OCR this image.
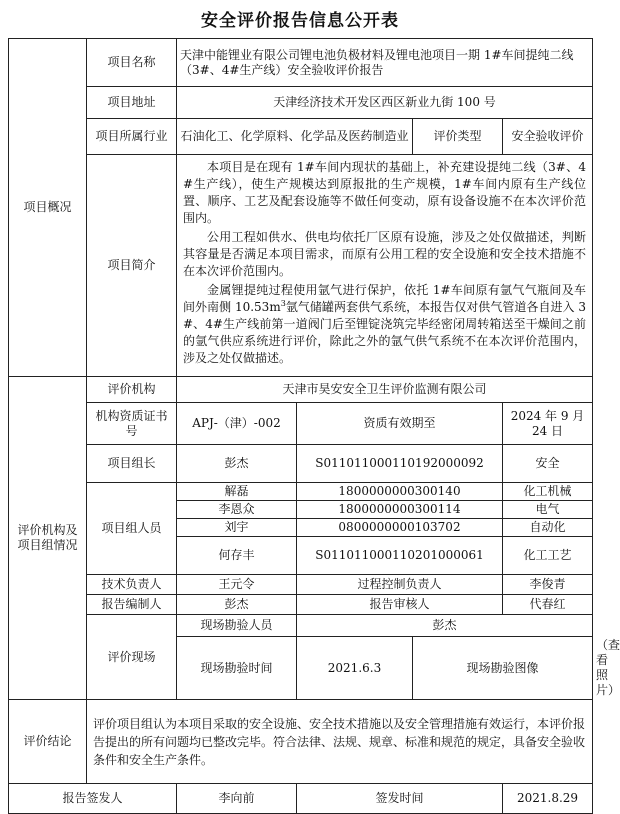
安全评价报告信息公开表
项目概况	项目名称	天津中能锂业有限公司锂电池负极材料及锂电池项目一期 1#车间提纯二线（3#、4#生产线）安全验收评价报告				
	项目地址	天津经济技术开发区西区新业九街 100 号				
	项目所属行业	石油化工、化学原料、化学品及医药制造业		评价类型	安全验收评价	
	项目简介	本项目是在现有 1#车间内现状的基础上，补充建设提纯二线（3#、4#生产线），使生产规模达到原报批的生产规模，1#车间内原有生产线位置、顺序、工艺及配套设施等不做任何变动，原有设备设施不在本次评价范围内。

公用工程如供水、供电均依托厂区原有设施，涉及之处仅做描述，判断其容量是否满足本项目需求，而原有公用工程的安全设施和安全技术措施不在本次评价范围内。

金属锂提纯过程使用氩气进行保护，依托 1#车间原有氩气气瓶间及车间外南侧 $10.53m^3$氩气储罐两套供气系统，本报告仅对供气管道各自进入 3#、4#生产线前第一道阀门后至锂锭浇筑完毕经密闭周转箱送至干燥间之前的氩气供应系统进行评价，除此之外的氩气供气系统不在本次评价范围内，涉及之处仅做描述。				

评价机构及项目组情况	评价机构	天津市昊安安全卫生评价监测有限公司				
	机构资质证书号	APJ-（津）-002	资质有效期至		2024 年 9 月 24 日	
	项目组长	彭杰	S011011000110192000092		安全	
	项目组人员	解磊	1800000000300140		化工机械	
		李恩众	1800000000300114		电气	
		刘宇	0800000000103702		自动化	
		何存丰	S011011000110201000061		化工工艺	
	技术负责人	王元令	过程控制负责人		李俊青	
	报告编制人	彭杰	报告审核人		代春红	
	评价现场	现场勘验人员	彭杰			
		现场勘验时间	2021.6.3	现场勘验图像		（查看照片）
评价结论	评价项目组认为本项目采取的安全设施、安全技术措施以及安全管理措施有效运行，本评价报告提出的所有问题均已整改完毕。符合法律、法规、规章、标准和规范的规定，具备安全验收条件和安全生产条件。					
报告签发人		李向前	签发时间		2021.8.29	
